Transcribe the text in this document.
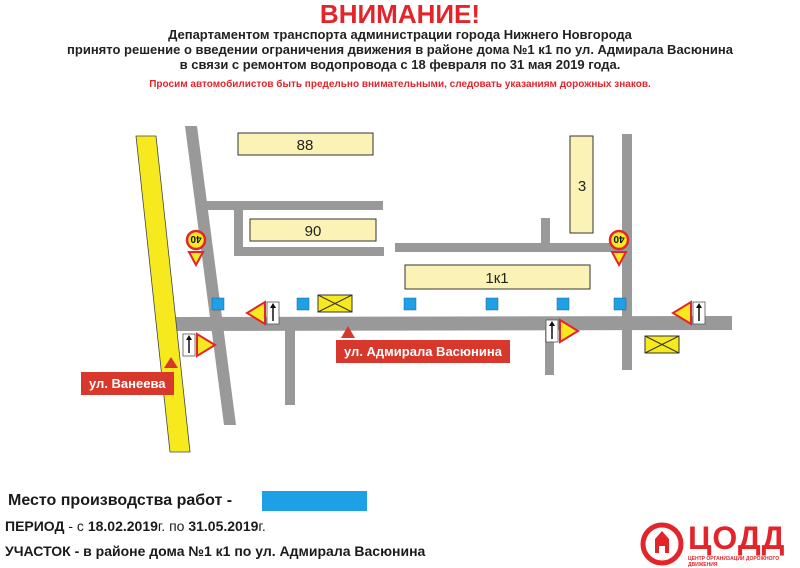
ВНИМАНИЕ!
Департаментом транспорта администрации города Нижнего Новгорода
принято решение о введении ограничения движения в районе дома №1 к1 по ул. Адмирала Васюнина
в связи с ремонтом водопровода с 18 февраля по 31 мая 2019 года.
Просим автомобилистов быть предельно внимательными, следовать указаниям дорожных знаков.
88
90
3
1к1
40	40
ул. Ванеева
ул. Адмирала Васюнина
Место производства работ -
ПЕРИОД - с 18.02.2019г. по 31.05.2019г.
УЧАСТОК - в районе дома №1 к1 по ул. Адмирала Васюнина	ЦОДД
ЦЕНТР ОРГАНИЗАЦИИ ДОРОЖНОГО ДВИЖЕНИЯ
